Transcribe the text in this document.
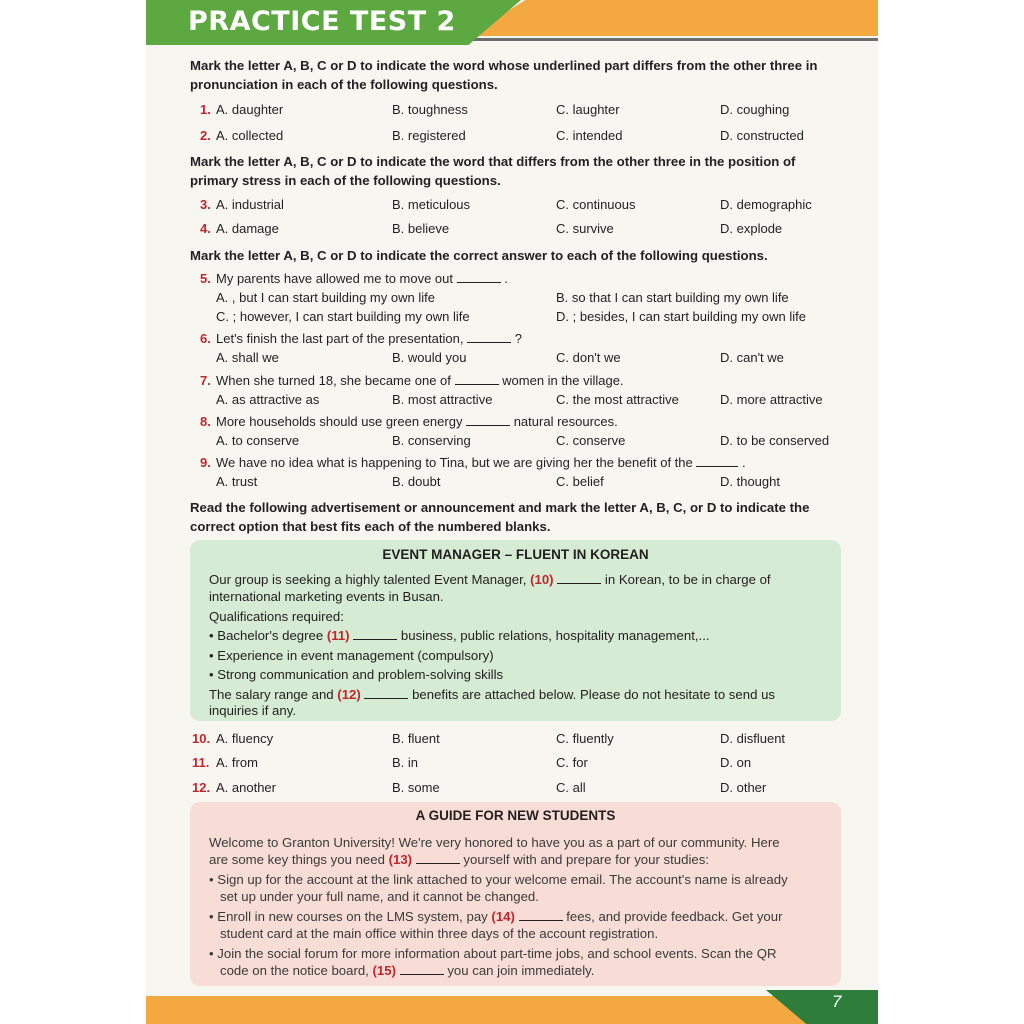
PRACTICE TEST 2
Mark the letter A, B, C or D to indicate the word whose underlined part differs from the other three in pronunciation in each of the following questions.
1. A. daughter	B. toughness	C. laughter	D. coughing
2. A. collected	B. registered	C. intended	D. constructed
Mark the letter A, B, C or D to indicate the word that differs from the other three in the position of primary stress in each of the following questions.
3. A. industrial	B. meticulous	C. continuous	D. demographic
4. A. damage	B. believe	C. survive	D. explode
Mark the letter A, B, C or D to indicate the correct answer to each of the following questions.
5. My parents have allowed me to move out	.
A. , but I can start building my own life	B. so that I can start building my own life
C. ; however, I can start building my own life	D. ; besides, I can start building my own life
6. Let's finish the last part of the presentation,	?
A. shall we	B. would you	C. don't we	D. can't we
7. When she turned 18, she became one of	women in the village.
A. as attractive as	B. most attractive	C. the most attractive	D. more attractive
8. More households should use green energy	natural resources.
A. to conserve	B. conserving	C. conserve	D. to be conserved
9. We have no idea what is happening to Tina, but we are giving her the benefit of the	.
A. trust	B. doubt	C. belief	D. thought
Read the following advertisement or announcement and mark the letter A, B, C, or D to indicate the correct option that best fits each of the numbered blanks.
EVENT MANAGER – FLUENT IN KOREAN
Our group is seeking a highly talented Event Manager, (10)	in Korean, to be in charge of
international marketing events in Busan.
Qualifications required:
• Bachelor's degree (11)	business, public relations, hospitality management,...
• Experience in event management (compulsory)
• Strong communication and problem-solving skills
The salary range and (12)	benefits are attached below. Please do not hesitate to send us
inquiries if any.
10. A. fluency	B. fluent	C. fluently	D. disfluent
11. A. from	B. in	C. for	D. on
12. A. another	B. some	C. all	D. other
A GUIDE FOR NEW STUDENTS
Welcome to Granton University! We're very honored to have you as a part of our community. Here
are some key things you need (13)	yourself with and prepare for your studies:
• Sign up for the account at the link attached to your welcome email. The account's name is already
set up under your full name, and it cannot be changed.
• Enroll in new courses on the LMS system, pay (14)	fees, and provide feedback. Get your
student card at the main office within three days of the account registration.
• Join the social forum for more information about part-time jobs, and school events. Scan the QR
code on the notice board, (15)	you can join immediately.
7
